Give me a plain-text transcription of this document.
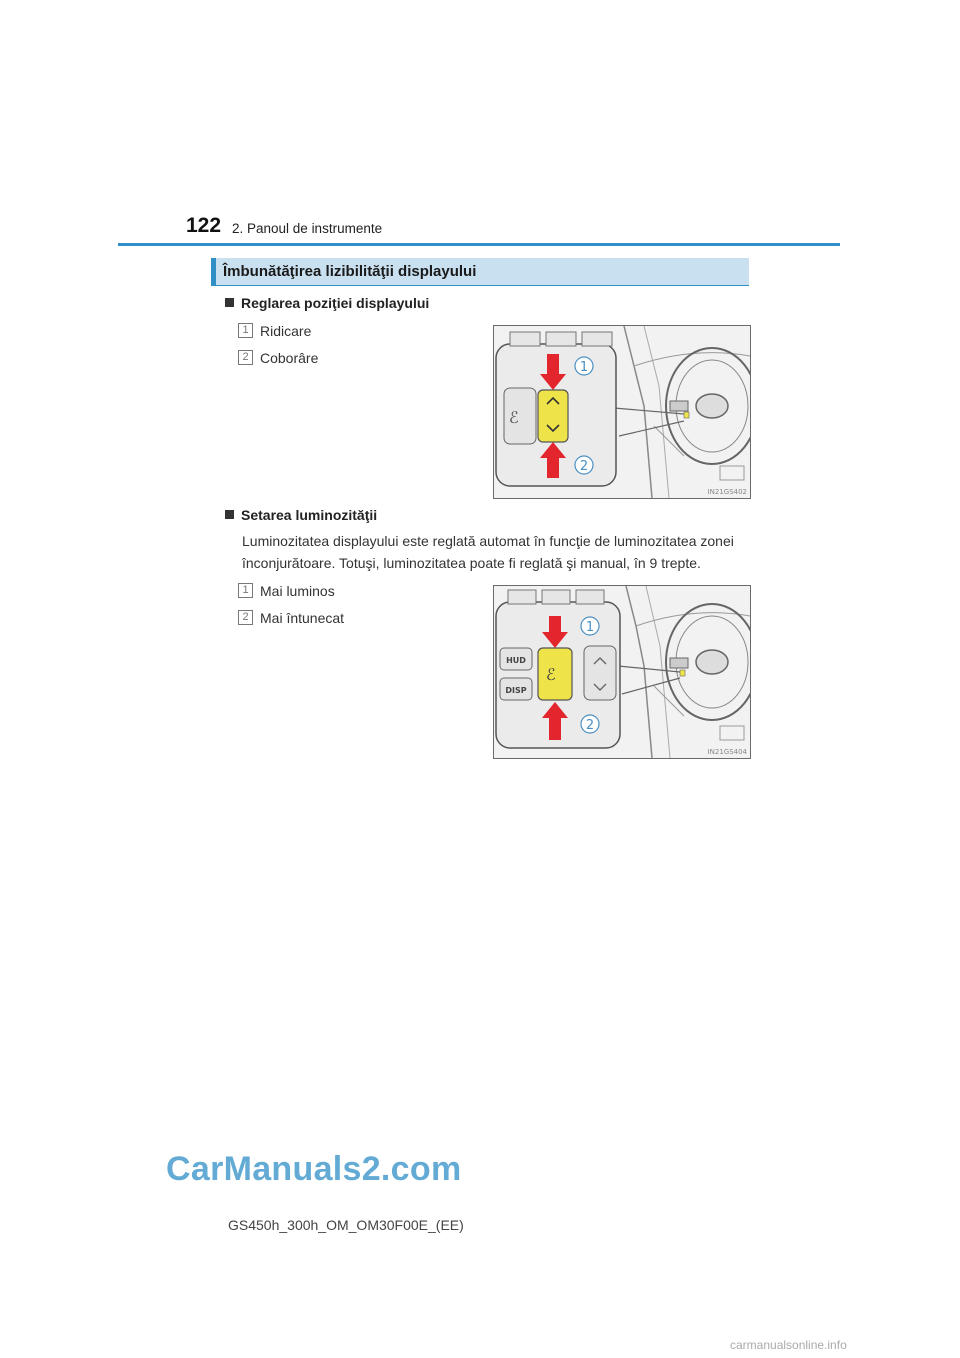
122 2. Panoul de instrumente
Îmbunătăţirea lizibilităţii displayului
Reglarea poziţiei displayului
1 Ridicare
2 Coborâre
ℰ
1
2
IN21GS402
Setarea luminozităţii
Luminozitatea displayului este reglată automat în funcţie de luminozitatea zonei
înconjurătoare. Totuşi, luminozitatea poate fi reglată şi manual, în 9 trepte.
1 Mai luminos
2 Mai întunecat
HUD
DISP
ℰ
1
2
IN21GS404
CarManuals2.com
GS450h_300h_OM_OM30F00E_(EE)
carmanualsonline.info
